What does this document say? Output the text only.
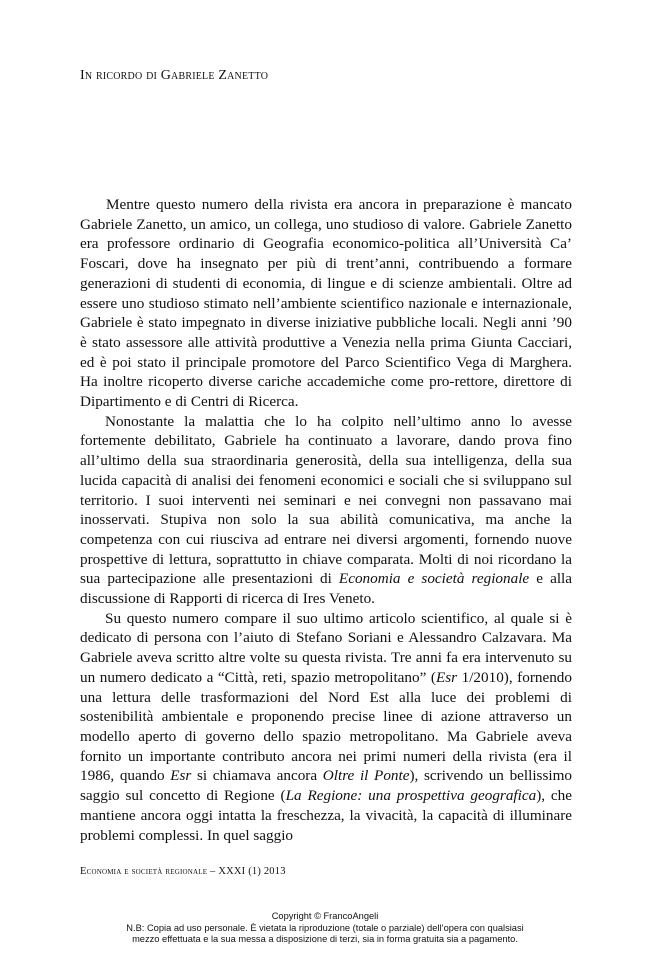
In ricordo di Gabriele Zanetto

Mentre questo numero della rivista era ancora in preparazione è mancato Gabriele Zanetto, un amico, un collega, uno studioso di valore. Gabriele Zanetto era professore ordinario di Geografia economico-politica all’Università Ca’ Foscari, dove ha insegnato per più di trent’anni, contribuendo a formare generazioni di studenti di economia, di lingue e di scienze ambientali. Oltre ad essere uno studioso stimato nell’ambiente scientifico nazionale e internazionale, Gabriele è stato impegnato in diverse iniziative pubbliche locali. Negli anni ’90 è stato assessore alle attività produttive a Venezia nella prima Giunta Cacciari, ed è poi stato il principale promotore del Parco Scientifico Vega di Marghera. Ha inoltre ricoperto diverse cariche accademiche come pro-rettore, direttore di Dipartimento e di Centri di Ricerca.

Nonostante la malattia che lo ha colpito nell’ultimo anno lo avesse fortemente debilitato, Gabriele ha continuato a lavorare, dando prova fino all’ultimo della sua straordinaria generosità, della sua intelligenza, della sua lucida capacità di analisi dei fenomeni economici e sociali che si sviluppano sul territorio. I suoi interventi nei seminari e nei convegni non passavano mai inosservati. Stupiva non solo la sua abilità comunicativa, ma anche la competenza con cui riusciva ad entrare nei diversi argomenti, fornendo nuove prospettive di lettura, soprattutto in chiave comparata. Molti di noi ricordano la sua partecipazione alle presentazioni di Economia e società regionale e alla discussione di Rapporti di ricerca di Ires Veneto.

Su questo numero compare il suo ultimo articolo scientifico, al quale si è dedicato di persona con l’aiuto di Stefano Soriani e Alessandro Calzavara. Ma Gabriele aveva scritto altre volte su questa rivista. Tre anni fa era intervenuto su un numero dedicato a “Città, reti, spazio metropolitano” (Esr 1/2010), fornendo una lettura delle trasformazioni del Nord Est alla luce dei problemi di sostenibilità ambientale e proponendo precise linee di azione attraverso un modello aperto di governo dello spazio metropolitano. Ma Gabriele aveva fornito un importante contributo ancora nei primi numeri della rivista (era il 1986, quando Esr si chiamava ancora Oltre il Ponte), scrivendo un bellissimo saggio sul concetto di Regione (La Regione: una prospettiva geografica), che mantiene ancora oggi intatta la freschezza, la vivacità, la capacità di illuminare problemi complessi. In quel saggio

Economia e società regionale – XXXI (1) 2013
Copyright © FrancoAngeli
N.B: Copia ad uso personale. È vietata la riproduzione (totale o parziale) dell’opera con qualsiasi
mezzo effettuata e la sua messa a disposizione di terzi, sia in forma gratuita sia a pagamento.
